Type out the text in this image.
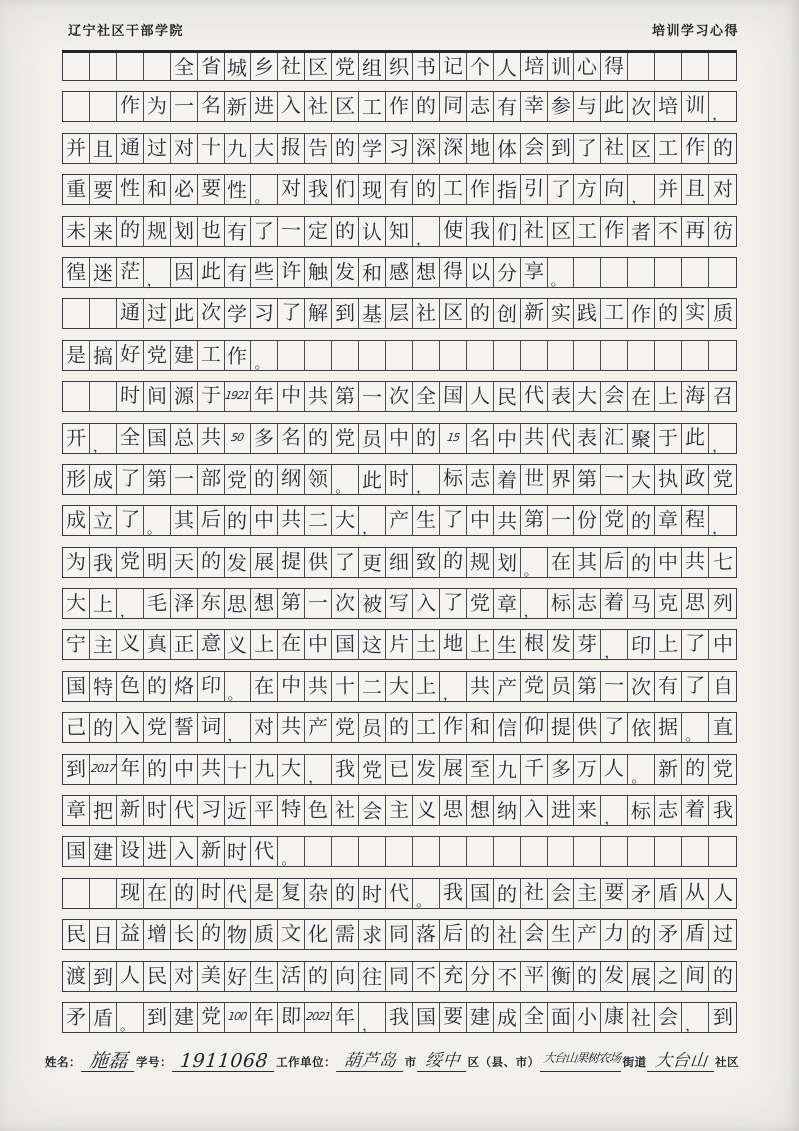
辽宁社区干部学院	培训学习心得
全 省 城 乡 社 区 党 组 织 书 记 个 人 培 训 心 得
作 为 一 名 新 进 入 社 区 工 作 的 同 志 有 幸 参 与 此 次 培 训 ，
并 且 通 过 对 十 九 大 报 告 的 学 习 深 深 地 体 会 到 了 社 区 工 作 的
重 要 性 和 必 要 性 。 对 我 们 现 有 的 工 作 指 引 了 方 向 ， 并 且 对
未 来 的 规 划 也 有 了 一 定 的 认 知 ， 使 我 们 社 区 工 作 者 不 再 彷
徨 迷 茫 ， 因 此 有 些 许 触 发 和 感 想 得 以 分 享 。
通 过 此 次 学 习 了 解 到 基 层 社 区 的 创 新 实 践 工 作 的 实 质
是 搞 好 党 建 工 作 。
时 间 源 于 1921 年 中 共 第 一 次 全 国 人 民 代 表 大 会 在 上 海 召
开 ， 全 国 总 共 50 多 名 的 党 员 中 的 15 名 中 共 代 表 汇 聚 于 此 ，
形 成 了 第 一 部 党 的 纲 领 。 此 时 ， 标 志 着 世 界 第 一 大 执 政 党
成 立 了 。 其 后 的 中 共 二 大 ， 产 生 了 中 共 第 一 份 党 的 章 程 ，
为 我 党 明 天 的 发 展 提 供 了 更 细 致 的 规 划 。 在 其 后 的 中 共 七
大 上 ， 毛 泽 东 思 想 第 一 次 被 写 入 了 党 章 ， 标 志 着 马 克 思 列
宁 主 义 真 正 意 义 上 在 中 国 这 片 土 地 上 生 根 发 芽 ， 印 上 了 中
国 特 色 的 烙 印 。 在 中 共 十 二 大 上 ， 共 产 党 员 第 一 次 有 了 自
己 的 入 党 誓 词 ， 对 共 产 党 员 的 工 作 和 信 仰 提 供 了 依 据 。 直
到 2017 年 的 中 共 十 九 大 ， 我 党 已 发 展 至 九 千 多 万 人 。 新 的 党
章 把 新 时 代 习 近 平 特 色 社 会 主 义 思 想 纳 入 进 来 ， 标 志 着 我
国 建 设 进 入 新 时 代 。
现 在 的 时 代 是 复 杂 的 时 代 。 我 国 的 社 会 主 要 矛 盾 从 人
民 日 益 增 长 的 物 质 文 化 需 求 同 落 后 的 社 会 生 产 力 的 矛 盾 过
渡 到 人 民 对 美 好 生 活 的 向 往 同 不 充 分 不 平 衡 的 发 展 之 间 的
矛 盾 。 到 建 党 100 年 即 2021 年 ， 我 国 要 建 成 全 面 小 康 社 会 ， 到
姓名： 施磊 学号： 1911068 工作单位： 葫芦岛 市 绥中 区（县、市） 大台山果树农场 街道 大台山 社区
